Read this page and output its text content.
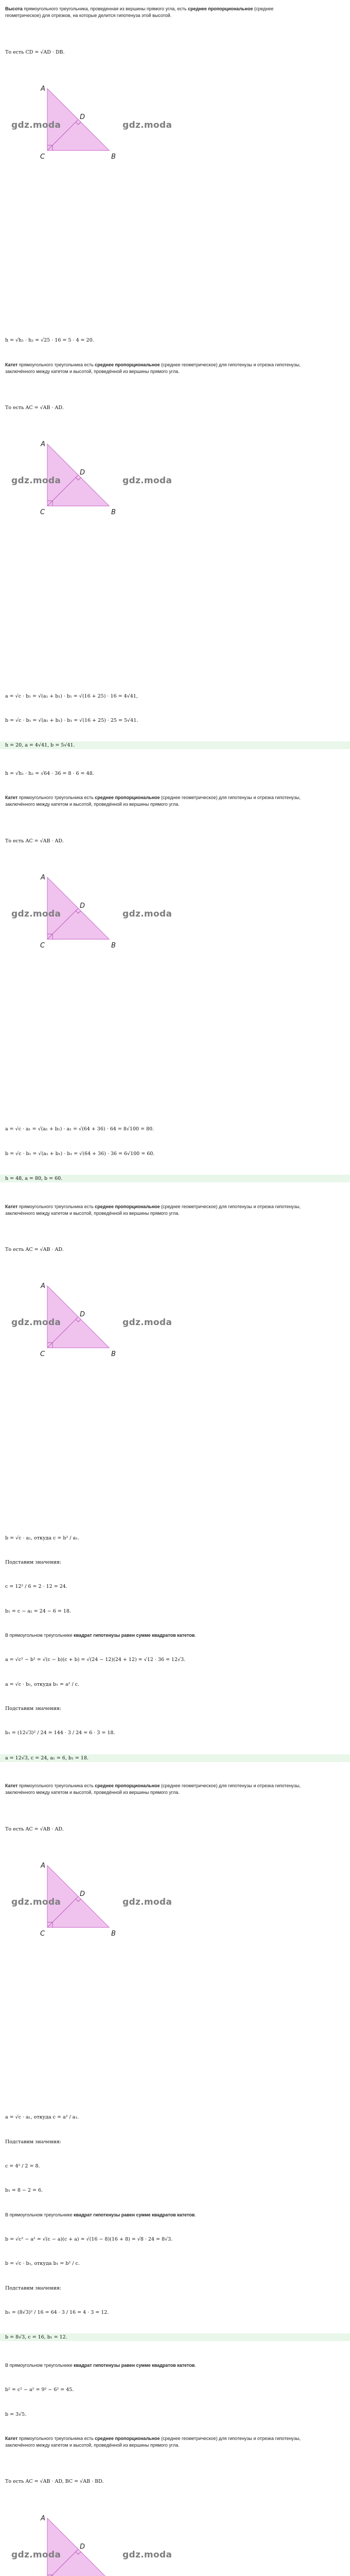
Высота прямоугольного треугольника, проведенная из вершины прямого угла, есть среднее пропорциональное (среднее геометрическое) для отрезков, на которые делится гипотенуза этой высотой.
То есть CD = √AD · DB.
A
D
C	B
gdz.moda	gdz.moda
h = √h₁ · h₂ = √25 · 16 = 5 · 4 = 20.
Катет прямоугольного треугольника есть среднее пропорциональное (среднее геометрическое) для гипотенузы и отрезка гипотенузы, заключённого между катетом и высотой, проведённой из вершины прямого угла.
То есть AC = √AB · AD.
A
D
C	B
gdz.moda	gdz.moda
a = √c · b₁ = √(a₁ + b₁) · b₁ = √(16 + 25) · 16 = 4√41,
b = √c · b₁ = √(a₁ + b₁) · b₁ = √(16 + 25) · 25 = 5√41.
h = 20, a = 4√41, b = 5√41.
h = √h₁ · h₂ = √64 · 36 = 8 · 6 = 48.
Катет прямоугольного треугольника есть среднее пропорциональное (среднее геометрическое) для гипотенузы и отрезка гипотенузы, заключённого между катетом и высотой, проведённой из вершины прямого угла.
То есть AC = √AB · AD.
A
D
C	B
gdz.moda	gdz.moda
a = √c · a₁ = √(a₁ + b₁) · a₁ = √(64 + 36) · 64 = 8√100 = 80.
b = √c · b₁ = √(a₁ + b₁) · b₁ = √(64 + 36) · 36 = 6√100 = 60.
h = 48, a = 80, b = 60.
Катет прямоугольного треугольника есть среднее пропорциональное (среднее геометрическое) для гипотенузы и отрезка гипотенузы, заключённого между катетом и высотой, проведённой из вершины прямого угла.
То есть AC = √AB · AD.
A
D
C	B
gdz.moda	gdz.moda
b = √c · a₁, откуда c = b² / a₁.
Подставим значения:
c = 12² / 6 = 2 · 12 = 24.
b₁ = c − a₁ = 24 − 6 = 18.
В прямоугольном треугольнике квадрат гипотенузы равен сумме квадратов катетов.
a = √c² − b² = √(c − b)(c + b) = √(24 − 12)(24 + 12) = √12 · 36 = 12√3.
a = √c · b₁, откуда b₁ = a² / c.
Подставим значения:
b₁ = (12√3)² / 24 = 144 · 3 / 24 = 6 · 3 = 18.
a = 12√3, c = 24, a₁ = 6, b₁ = 18.
Катет прямоугольного треугольника есть среднее пропорциональное (среднее геометрическое) для гипотенузы и отрезка гипотенузы, заключённого между катетом и высотой, проведённой из вершины прямого угла.
То есть AC = √AB · AD.
A
D
C	B
gdz.moda	gdz.moda
a = √c · a₁, откуда c = a² / a₁.
Подставим значения:
c = 4² / 2 = 8.
b₁ = 8 − 2 = 6.
В прямоугольном треугольнике квадрат гипотенузы равен сумме квадратов катетов.
b = √c² − a² = √(c − a)(c + a) = √(16 − 8)(16 + 8) = √8 · 24 = 8√3.
b = √c · b₁, откуда b₁ = b² / c.
Подставим значения:
b₁ = (8√3)² / 16 = 64 · 3 / 16 = 4 · 3 = 12.
b = 8√3, c = 16, b₁ = 12.
В прямоугольном треугольнике квадрат гипотенузы равен сумме квадратов катетов.
b² = c² − a² = 9² − 6² = 45.
b = 3√5.
Катет прямоугольного треугольника есть среднее пропорциональное (среднее геометрическое) для гипотенузы и отрезка гипотенузы, заключённого между катетом и высотой, проведённой из вершины прямого угла.
То есть AC = √AB · AD, BC = √AB · BD.
A
D
gdz.moda	gdz.moda
